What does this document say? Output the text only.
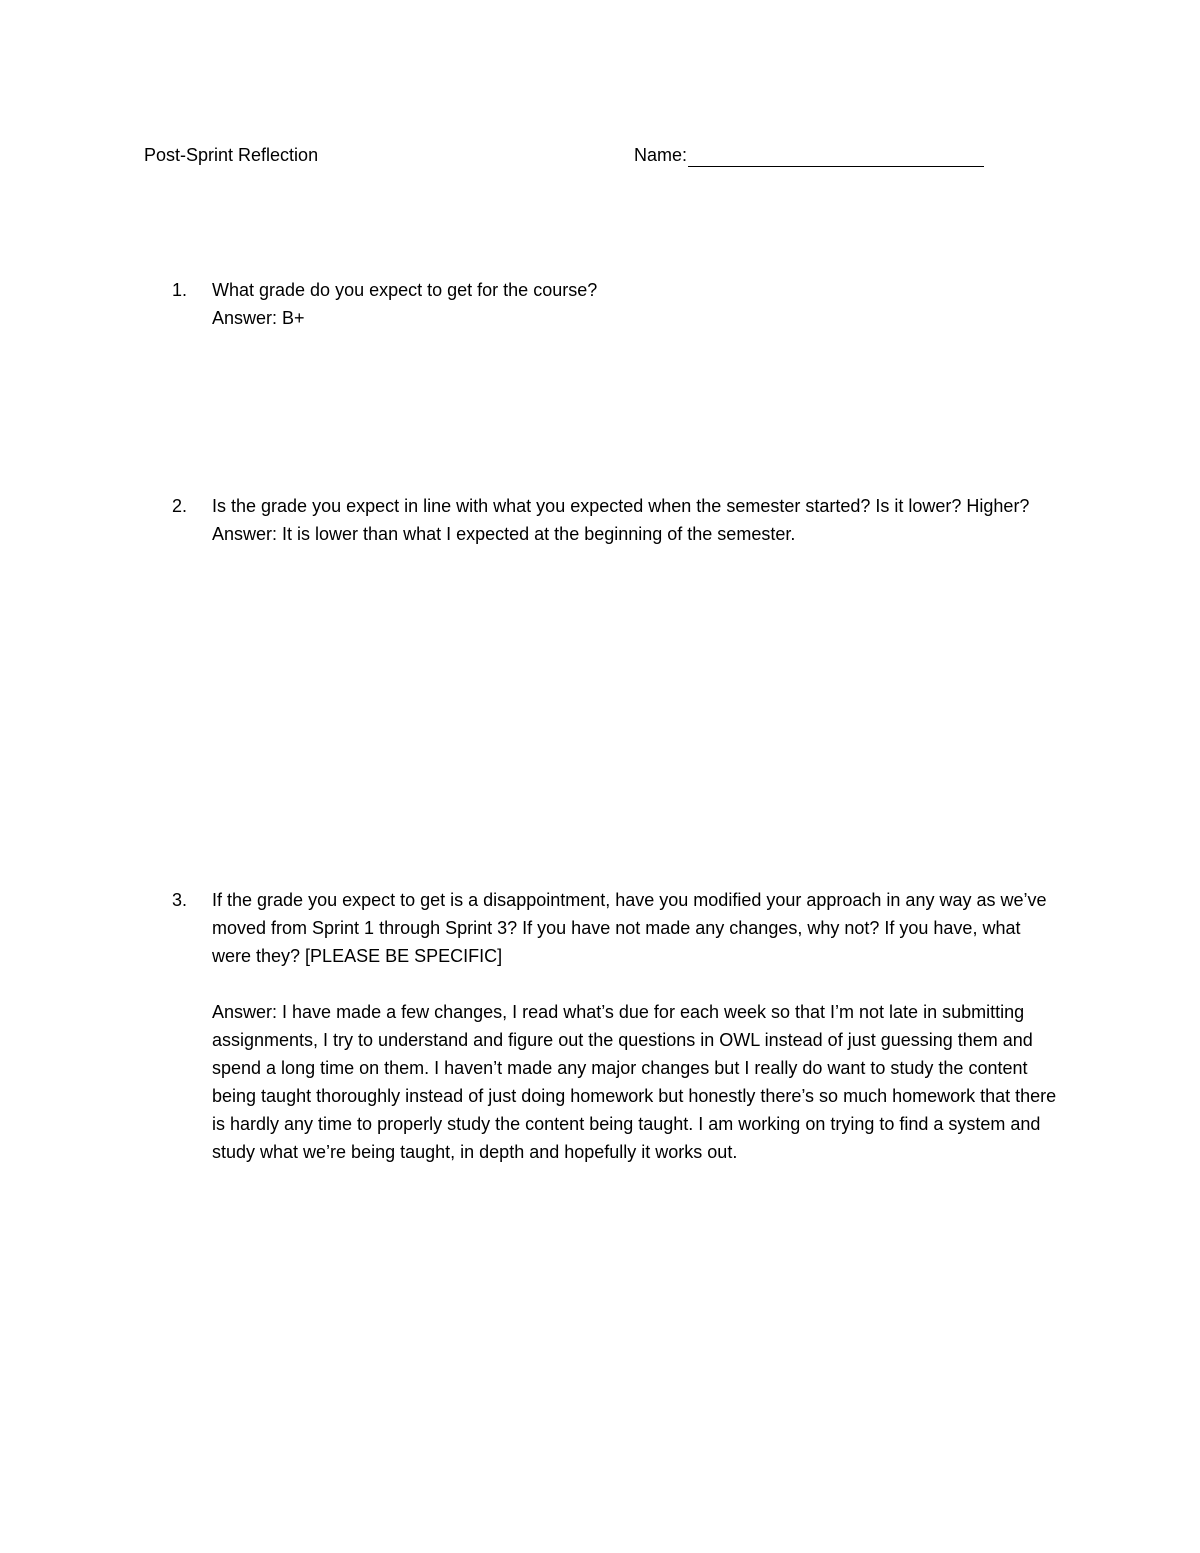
Post-Sprint Reflection	Name:
1.	What grade do you expect to get for the course?
Answer: B+
2.	Is the grade you expect in line with what you expected when the semester started? Is it lower? Higher?
Answer: It is lower than what I expected at the beginning of the semester.
3.	If the grade you expect to get is a disappointment, have you modified your approach in any way as we’ve moved from Sprint 1 through Sprint 3? If you have not made any changes, why not? If you have, what were they? [PLEASE BE SPECIFIC]
Answer: I have made a few changes, I read what’s due for each week so that I’m not late in submitting assignments, I try to understand and figure out the questions in OWL instead of just guessing them and spend a long time on them. I haven’t made any major changes but I really do want to study the content being taught thoroughly instead of just doing homework but honestly there’s so much homework that there is hardly any time to properly study the content being taught. I am working on trying to find a system and study what we’re being taught, in depth and hopefully it works out.
